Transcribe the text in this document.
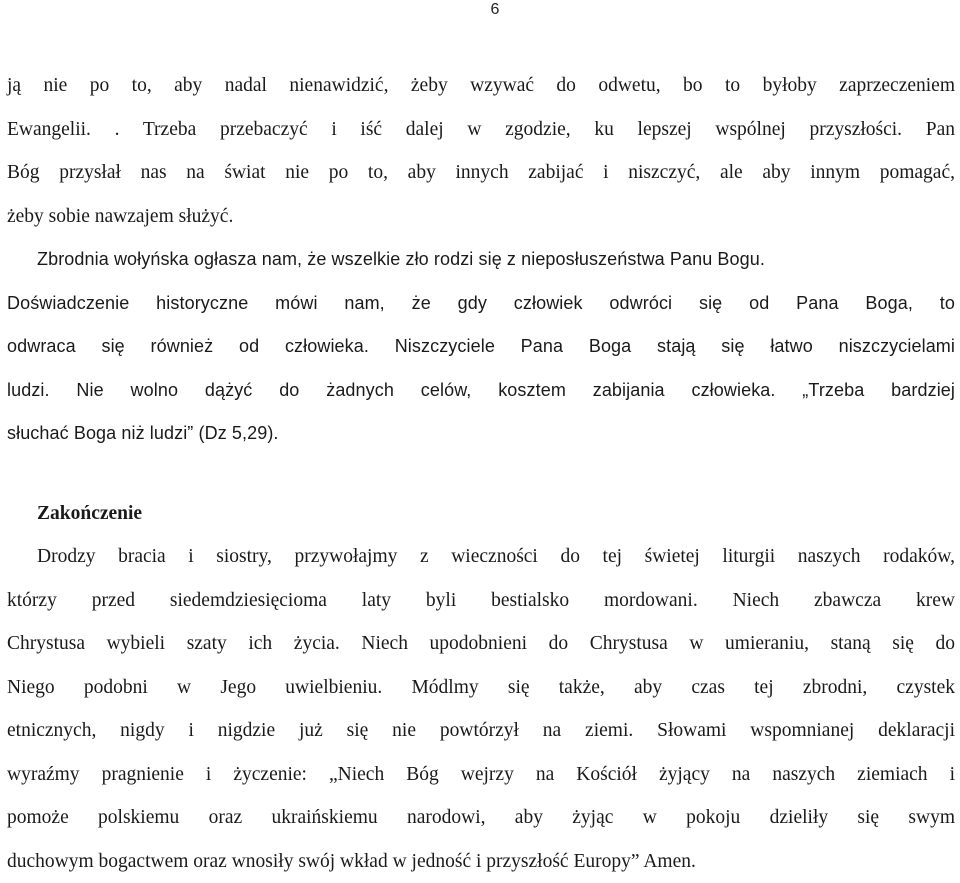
6
ją nie po to, aby nadal nienawidzić, żeby wzywać do odwetu, bo to byłoby zaprzeczeniem
Ewangelii. . Trzeba przebaczyć i iść dalej w zgodzie, ku lepszej wspólnej przyszłości. Pan
Bóg przysłał nas na świat nie po to, aby innych zabijać i niszczyć, ale aby innym pomagać,
żeby sobie nawzajem służyć.
Zbrodnia wołyńska ogłasza nam, że wszelkie zło rodzi się z nieposłuszeństwa Panu Bogu.
Doświadczenie historyczne mówi nam, że gdy człowiek odwróci się od Pana Boga, to
odwraca się również od człowieka. Niszczyciele Pana Boga stają się łatwo niszczycielami
ludzi. Nie wolno dążyć do żadnych celów, kosztem zabijania człowieka. „Trzeba bardziej
słuchać Boga niż ludzi” (Dz 5,29).
Zakończenie
Drodzy bracia i siostry, przywołajmy z wieczności do tej świetej liturgii naszych rodaków,
którzy przed siedemdziesięcioma laty byli bestialsko mordowani. Niech zbawcza krew
Chrystusa wybieli szaty ich życia. Niech upodobnieni do Chrystusa w umieraniu, staną się do
Niego podobni w Jego uwielbieniu. Módlmy się także, aby czas tej zbrodni, czystek
etnicznych, nigdy i nigdzie już się nie powtórzył na ziemi. Słowami wspomnianej deklaracji
wyraźmy pragnienie i życzenie: „Niech Bóg wejrzy na Kościół żyjący na naszych ziemiach i
pomoże polskiemu oraz ukraińskiemu narodowi, aby żyjąc w pokoju dzieliły się swym
duchowym bogactwem oraz wnosiły swój wkład w jedność i przyszłość Europy” Amen.
